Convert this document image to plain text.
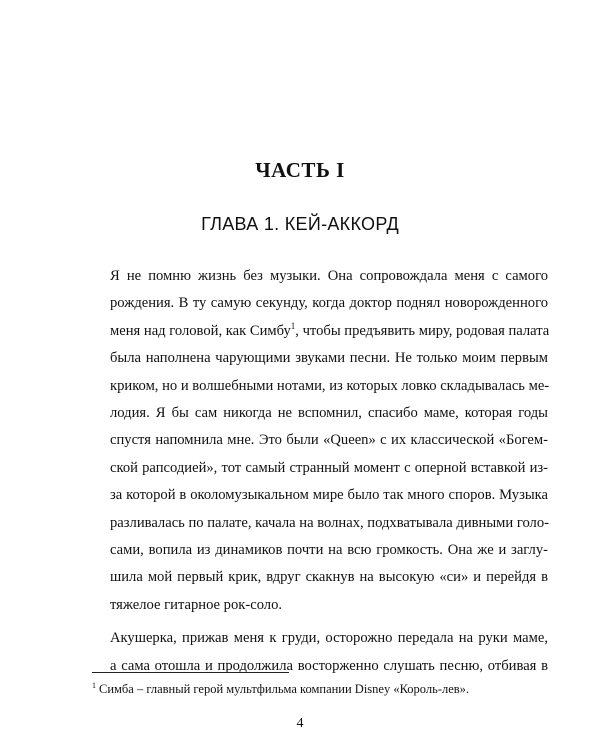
ЧАСТЬ I
ГЛАВА 1. КЕЙ-АККОРД
Я не помню жизнь без музыки. Она сопровождала меня с самого
рождения. В ту самую секунду, когда доктор поднял новорожденного
меня над головой, как Симбу$^1$, чтобы предъявить миру, родовая палата
была наполнена чарующими звуками песни. Не только моим первым
криком, но и волшебными нотами, из которых ловко складывалась ме-
лодия. Я бы сам никогда не вспомнил, спасибо маме, которая годы
спустя напомнила мне. Это были «Queen» с их классической «Богем-
ской рапсодией», тот самый странный момент с оперной вставкой из-
за которой в околомузыкальном мире было так много споров. Музыка
разливалась по палате, качала на волнах, подхватывала дивными голо-
сами, вопила из динамиков почти на всю громкость. Она же и заглу-
шила мой первый крик, вдруг скакнув на высокую «си» и перейдя в
тяжелое гитарное рок-соло.
Акушерка, прижав меня к груди, осторожно передала на руки маме,
а сама отошла и продолжила восторженно слушать песню, отбивая в
$^1$ Симба – главный герой мультфильма компании Disney «Король-лев».
4
